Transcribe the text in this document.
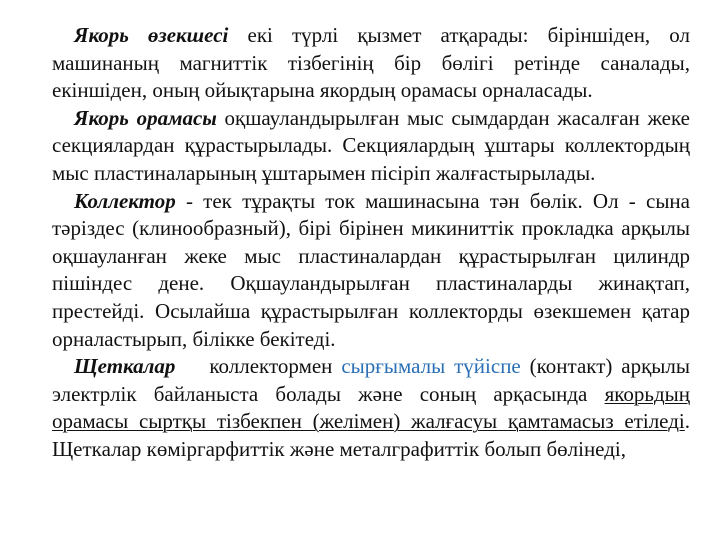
Якорь өзекшесі екі түрлі қызмет атқарады: біріншіден, ол машинаның магниттік тізбегінің бір бөлігі ретінде саналады, екіншіден, оның ойықтарына якордың орамасы орналасады.

Якорь орамасы оқшауландырылған мыс сымдардан жасалған жеке секциялардан құрастырылады. Секциялардың ұштары коллектордың мыс пластиналарының ұштарымен пісіріп жалғастырылады.

Коллектор - тек тұрақты ток машинасына тән бөлік. Ол - сына тәріздес (клинообразный), бірі бірінен микиниттік прокладка арқылы оқшауланған жеке мыс пластиналардан құрастырылған цилиндр пішіндес дене. Оқшауландырылған пластиналарды жинақтап, престейді. Осылайша құрастырылған коллекторды өзекшемен қатар орналастырып, білікке бекітеді.

Щеткалар коллектормен сырғымалы түйіспе (контакт) арқылы электрлік байланыста болады және соның арқасында якорьдың орамасы сыртқы тізбекпен (желімен) жалғасуы қамтамасыз етіледі. Щеткалар көміргарфиттік және металграфиттік болып бөлінеді,
